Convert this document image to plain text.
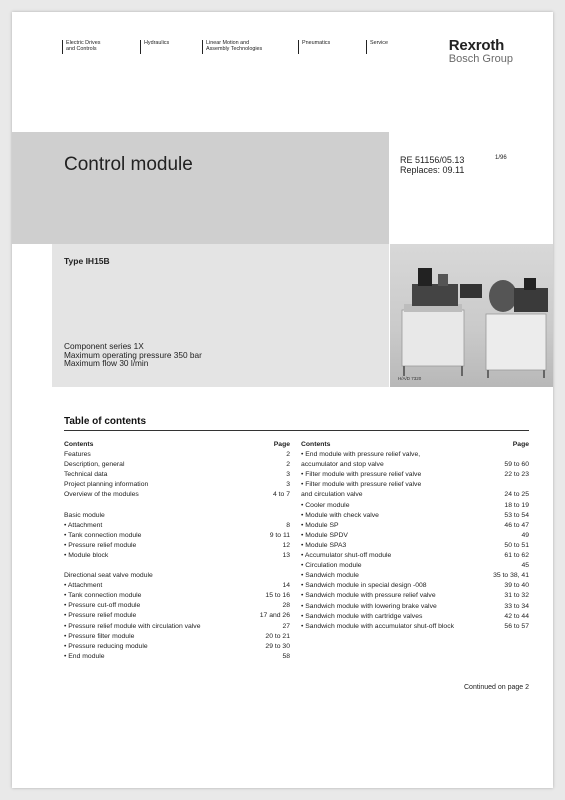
Electric Drives
and Controls
Hydraulics	Linear Motion and
Assembly Technologies
Pneumatics	Service	Rexroth
Bosch Group
Control module	RE 51156/05.13
Replaces: 09.11
1/96
Type IH15B
Component series 1X
Maximum operating pressure 350 bar
Maximum flow 30 l/min
H/A/D 7320
Table of contents
Contents	Page
Features	2
Description, general	2
Technical data	3
Project planning information	3
Overview of the modules	4 to 7
Basic module
• Attachment	8
• Tank connection module	9 to 11
• Pressure relief module	12
• Module block	13
Directional seat valve module
• Attachment	14
• Tank connection module	15 to 16
• Pressure cut-off module	28
• Pressure relief module	17 and 26
• Pressure relief module with circulation valve	27
• Pressure filter module	20 to 21
• Pressure reducing module	29 to 30
• End module	58
Contents	Page
• End module with pressure relief valve,
accumulator and stop valve	59 to 60
• Filter module with pressure relief valve	22 to 23
• Filter module with pressure relief valve
and circulation valve	24 to 25
• Cooler module	18 to 19
• Module with check valve	53 to 54
• Module SP	46 to 47
• Module SPDV	49
• Module SPA3	50 to 51
• Accumulator shut-off module	61 to 62
• Circulation module	45
• Sandwich module	35 to 38, 41
• Sandwich module in special design -008	39 to 40
• Sandwich module with pressure relief valve	31 to 32
• Sandwich module with lowering brake valve	33 to 34
• Sandwich module with cartridge valves	42 to 44
• Sandwich module with accumulator shut-off block	56 to 57
Continued on page 2
